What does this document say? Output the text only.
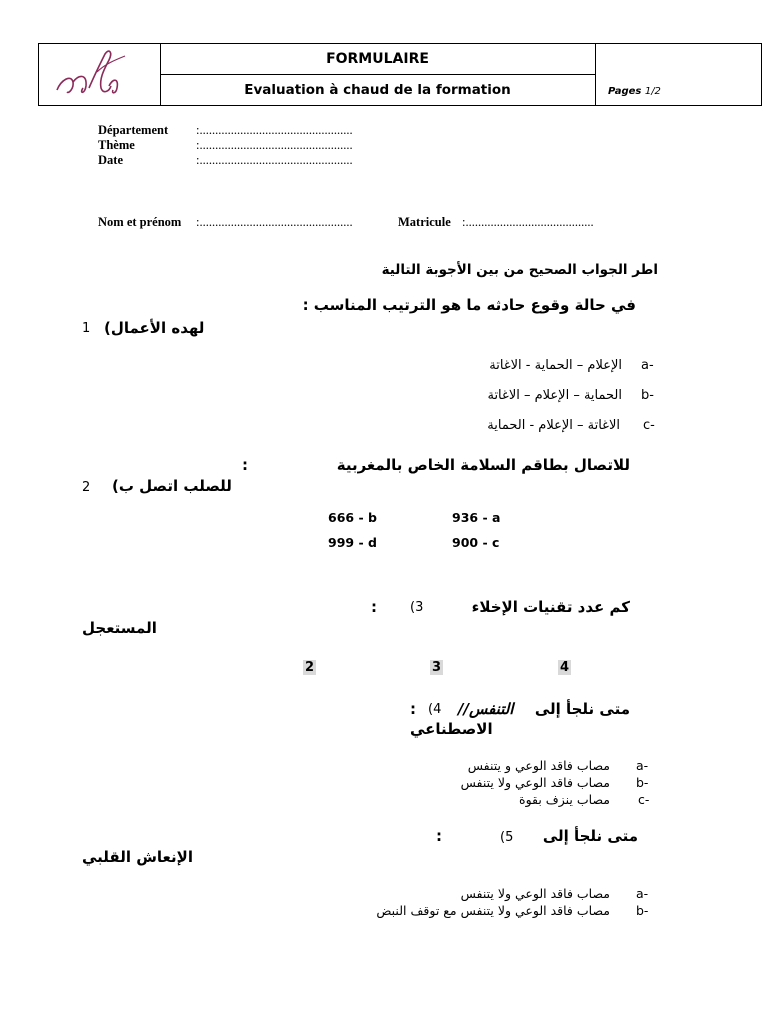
FORMULAIRE
Evaluation à chaud de la formation	Pages 1/2
Département :.................................................
Thème	:.................................................
Date	:.................................................
Nom et prénom :.................................................	Matricule :.........................................
اطر الجواب الصحيح من بين الأجوبة التالية
في حالة وقوع حادثه ما هو الترتيب المناسب :
لهده الأعمال)
1
الإعلام – الحماية - الاغاتة a-
الحماية – الإعلام – الاغاتة b-
الاغاتة – الإعلام - الحماية c-
للاتصال بطاقم السلامة الخاص بالمغربية
:
للصلب اتصل ب)
2
666 - b	936 - a
999 - d	900 - c
كم عدد تقنيات الإخلاء
(3
:
المستعجل
2	3	4
متى نلجأ إلى
التنفس//
(4
:
الاصطناعي
مصاب فاقد الوعي و يتنفس a-
مصاب فاقد الوعي ولا يتنفس b-
مصاب ينزف بقوة c-
متى نلجأ إلى
(5
:
الإنعاش القلبي
مصاب فاقد الوعي ولا يتنفس a-
مصاب فاقد الوعي ولا يتنفس مع توقف النبض b-
